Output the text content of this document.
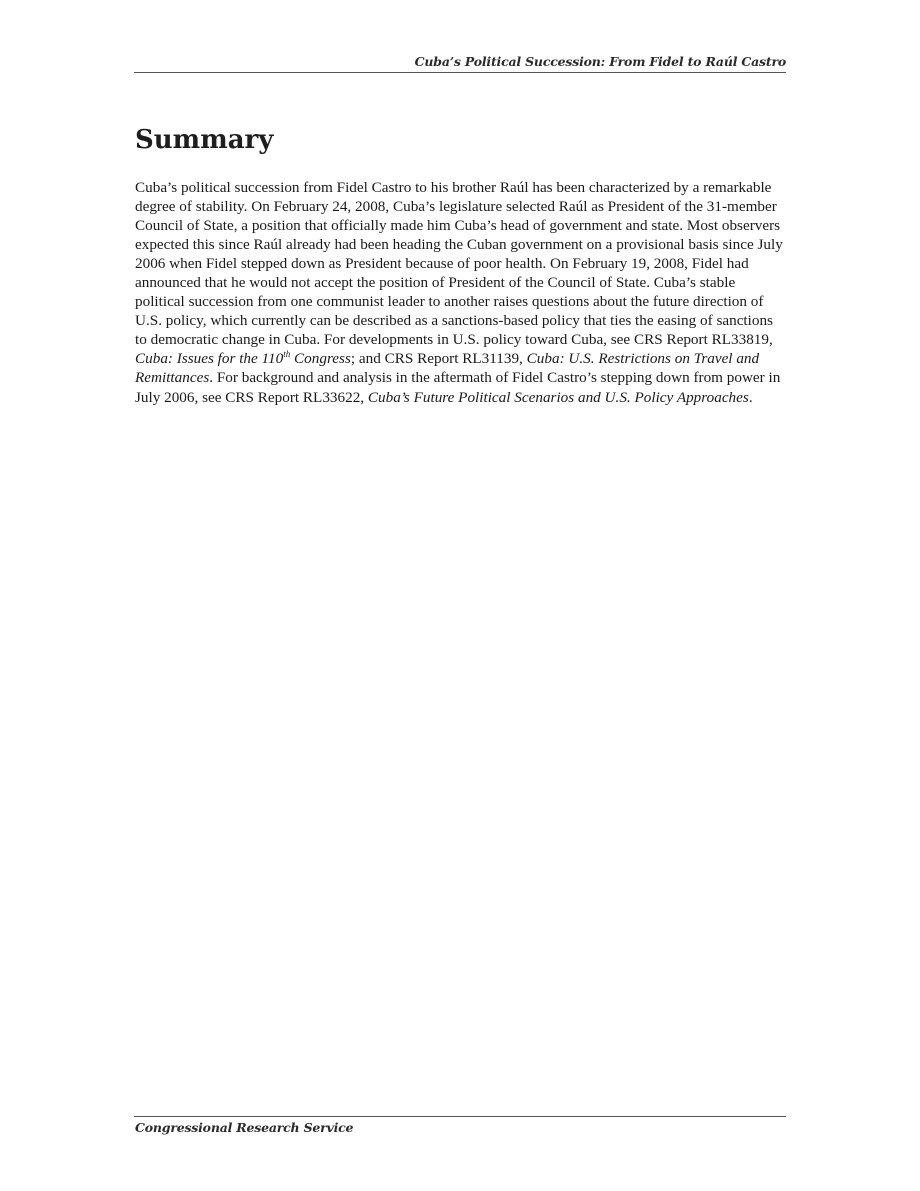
Cuba’s Political Succession: From Fidel to Raúl Castro
Summary

Cuba’s political succession from Fidel Castro to his brother Raúl has been characterized by a remarkable degree of stability. On February 24, 2008, Cuba’s legislature selected Raúl as President of the 31-member Council of State, a position that officially made him Cuba’s head of government and state. Most observers expected this since Raúl already had been heading the Cuban government on a provisional basis since July 2006 when Fidel stepped down as President because of poor health. On February 19, 2008, Fidel had announced that he would not accept the position of President of the Council of State. Cuba’s stable political succession from one communist leader to another raises questions about the future direction of U.S. policy, which currently can be described as a sanctions-based policy that ties the easing of sanctions to democratic change in Cuba. For developments in U.S. policy toward Cuba, see CRS Report RL33819, Cuba: Issues for the 110th Congress; and CRS Report RL31139, Cuba: U.S. Restrictions on Travel and Remittances. For background and analysis in the aftermath of Fidel Castro’s stepping down from power in July 2006, see CRS Report RL33622, Cuba’s Future Political Scenarios and U.S. Policy Approaches.

Congressional Research Service
